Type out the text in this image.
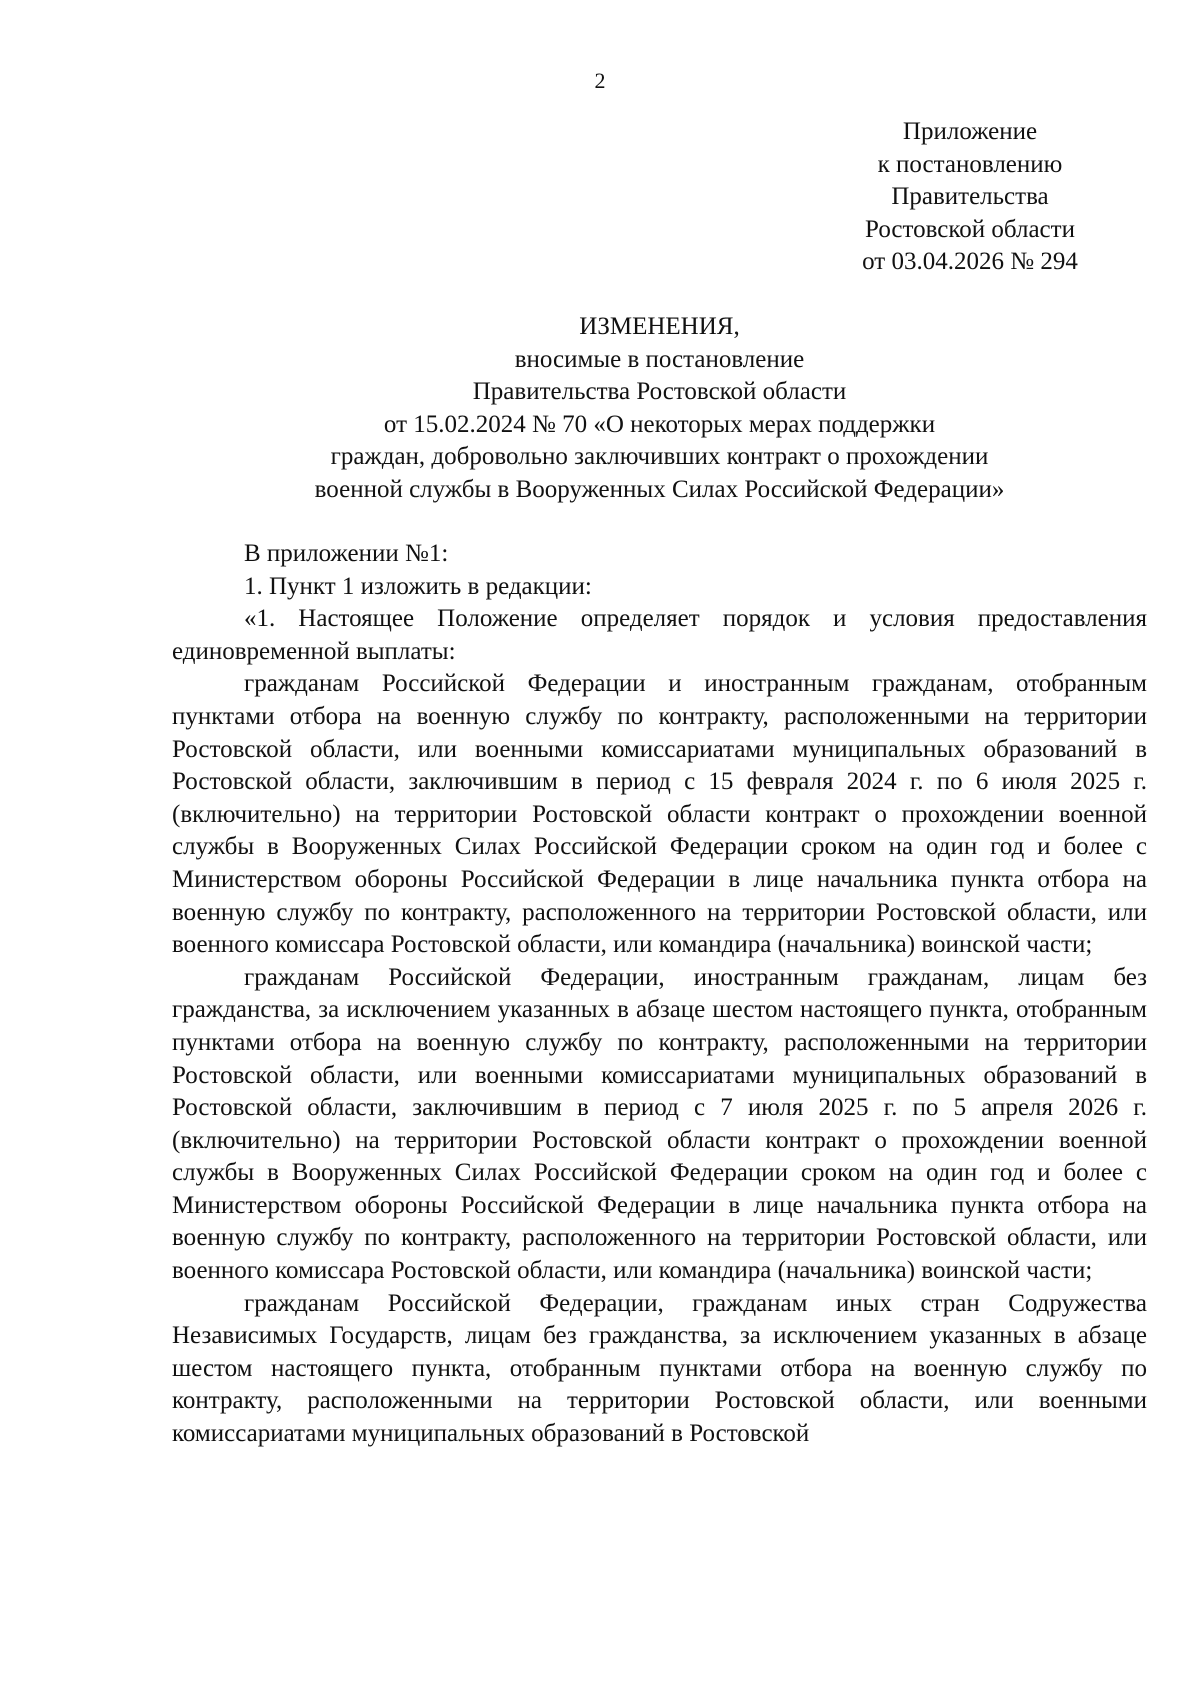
2
Приложение
к постановлению
Правительства
Ростовской области
от 03.04.2026 № 294
ИЗМЕНЕНИЯ,
вносимые в постановление
Правительства Ростовской области
от 15.02.2024 № 70 «О некоторых мерах поддержки
граждан, добровольно заключивших контракт о прохождении
военной службы в Вооруженных Силах Российской Федерации»

В приложении №1:

1. Пункт 1 изложить в редакции:

«1. Настоящее Положение определяет порядок и условия предоставления единовременной выплаты:

гражданам Российской Федерации и иностранным гражданам, отобранным пунктами отбора на военную службу по контракту, расположенными на территории Ростовской области, или военными комиссариатами муниципальных образований в Ростовской области, заключившим в период с 15 февраля 2024 г. по 6 июля 2025 г. (включительно) на территории Ростовской области контракт о прохождении военной службы в Вооруженных Силах Российской Федерации сроком на один год и более с Министерством обороны Российской Федерации в лице начальника пункта отбора на военную службу по контракту, расположенного на территории Ростовской области, или военного комиссара Ростовской области, или командира (начальника) воинской части;

гражданам Российской Федерации, иностранным гражданам, лицам без гражданства, за исключением указанных в абзаце шестом настоящего пункта, отобранным пунктами отбора на военную службу по контракту, расположенными на территории Ростовской области, или военными комиссариатами муниципальных образований в Ростовской области, заключившим в период с 7 июля 2025 г. по 5 апреля 2026 г. (включительно) на территории Ростовской области контракт о прохождении военной службы в Вооруженных Силах Российской Федерации сроком на один год и более с Министерством обороны Российской Федерации в лице начальника пункта отбора на военную службу по контракту, расположенного на территории Ростовской области, или военного комиссара Ростовской области, или командира (начальника) воинской части;

гражданам Российской Федерации, гражданам иных стран Содружества Независимых Государств, лицам без гражданства, за исключением указанных в абзаце шестом настоящего пункта, отобранным пунктами отбора на военную службу по контракту, расположенными на территории Ростовской области, или военными комиссариатами муниципальных образований в Ростовской
